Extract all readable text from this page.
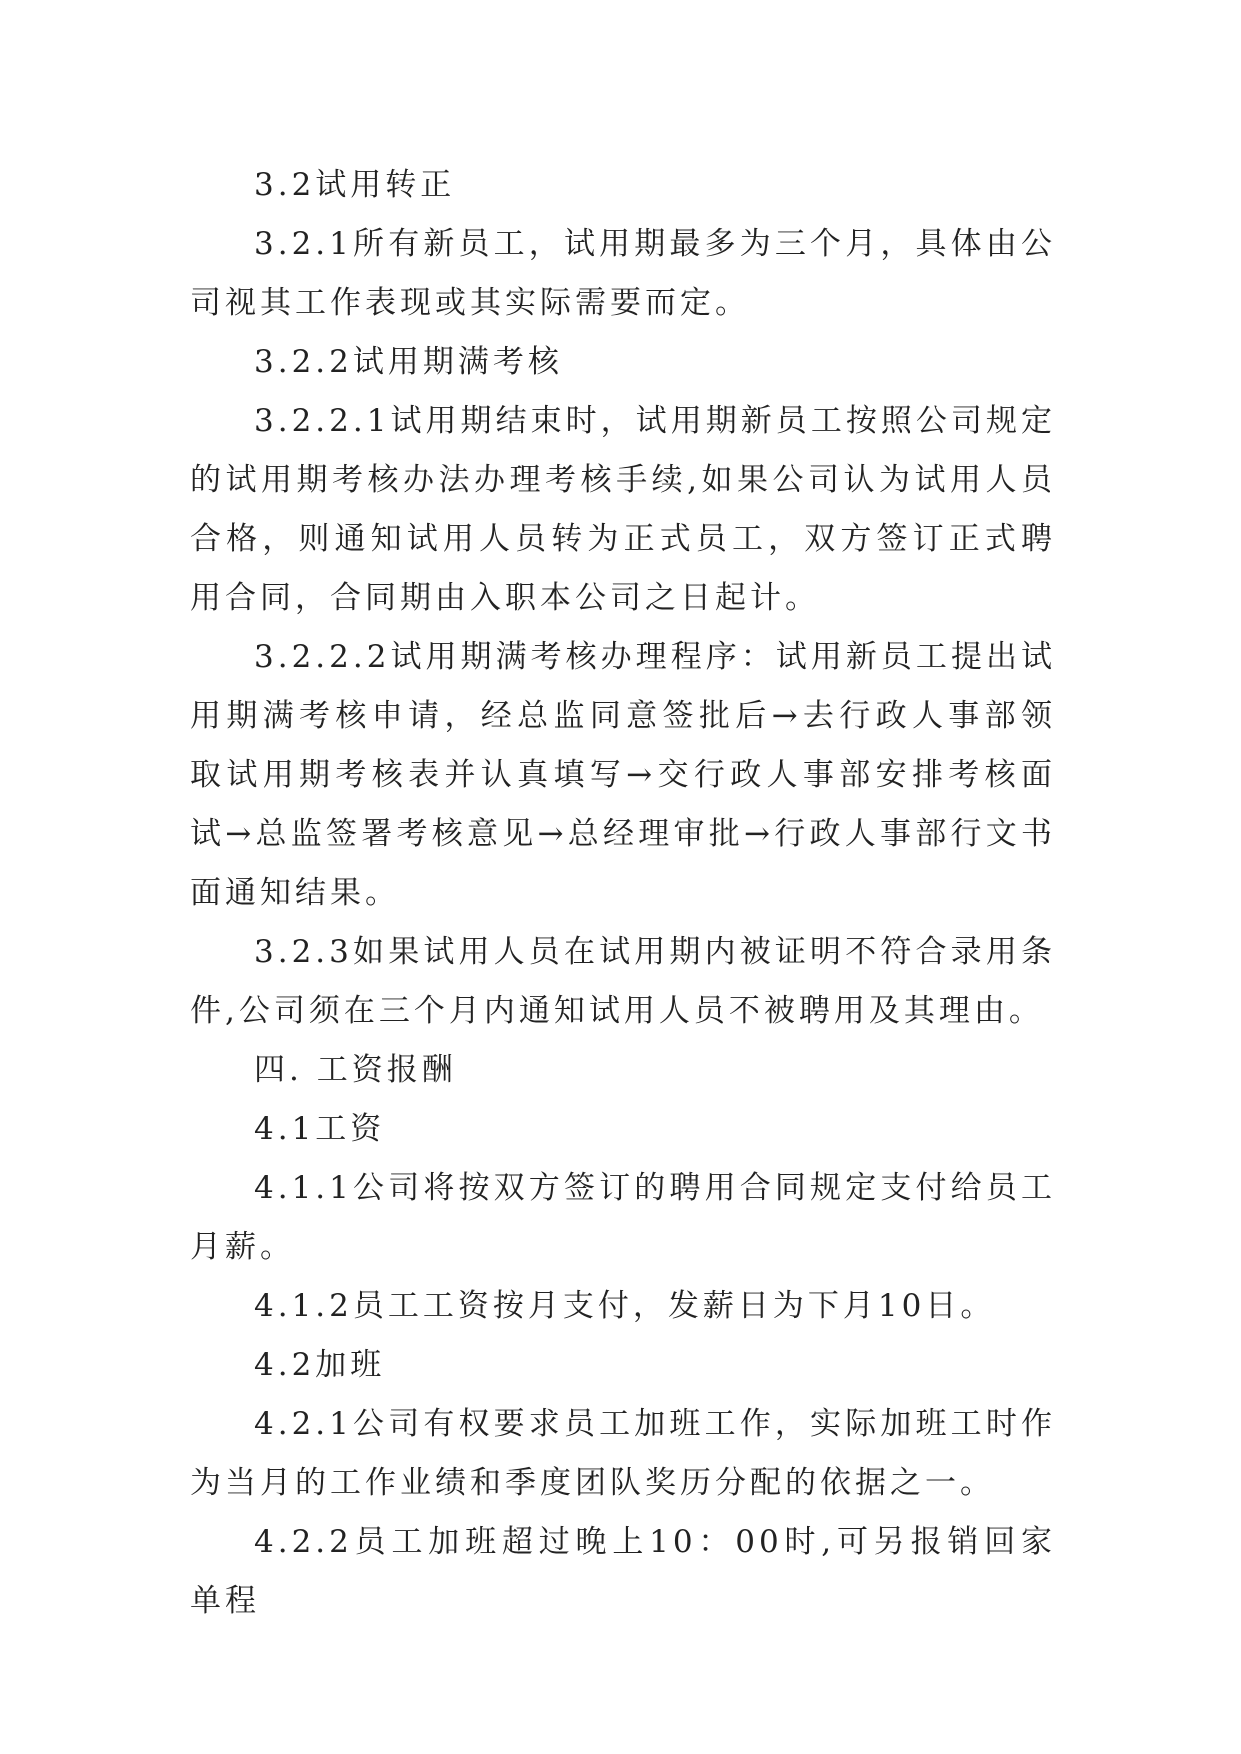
3.2试用转正

3.2.1所有新员工，试用期最多为三个月，具体由公司视其工作表现或其实际需要而定。

3.2.2试用期满考核

3.2.2.1试用期结束时，试用期新员工按照公司规定的试用期考核办法办理考核手续,如果公司认为试用人员合格，则通知试用人员转为正式员工，双方签订正式聘用合同，合同期由入职本公司之日起计。

3.2.2.2试用期满考核办理程序：试用新员工提出试用期满考核申请，经总监同意签批后→去行政人事部领取试用期考核表并认真填写→交行政人事部安排考核面试→总监签署考核意见→总经理审批→行政人事部行文书面通知结果。

3.2.3如果试用人员在试用期内被证明不符合录用条件,公司须在三个月内通知试用人员不被聘用及其理由。

四. 工资报酬

4.1工资

4.1.1公司将按双方签订的聘用合同规定支付给员工月薪。

4.1.2员工工资按月支付，发薪日为下月10日。

4.2加班

4.2.1公司有权要求员工加班工作，实际加班工时作为当月的工作业绩和季度团队奖历分配的依据之一。

4.2.2员工加班超过晚上10：00时,可另报销回家单程
